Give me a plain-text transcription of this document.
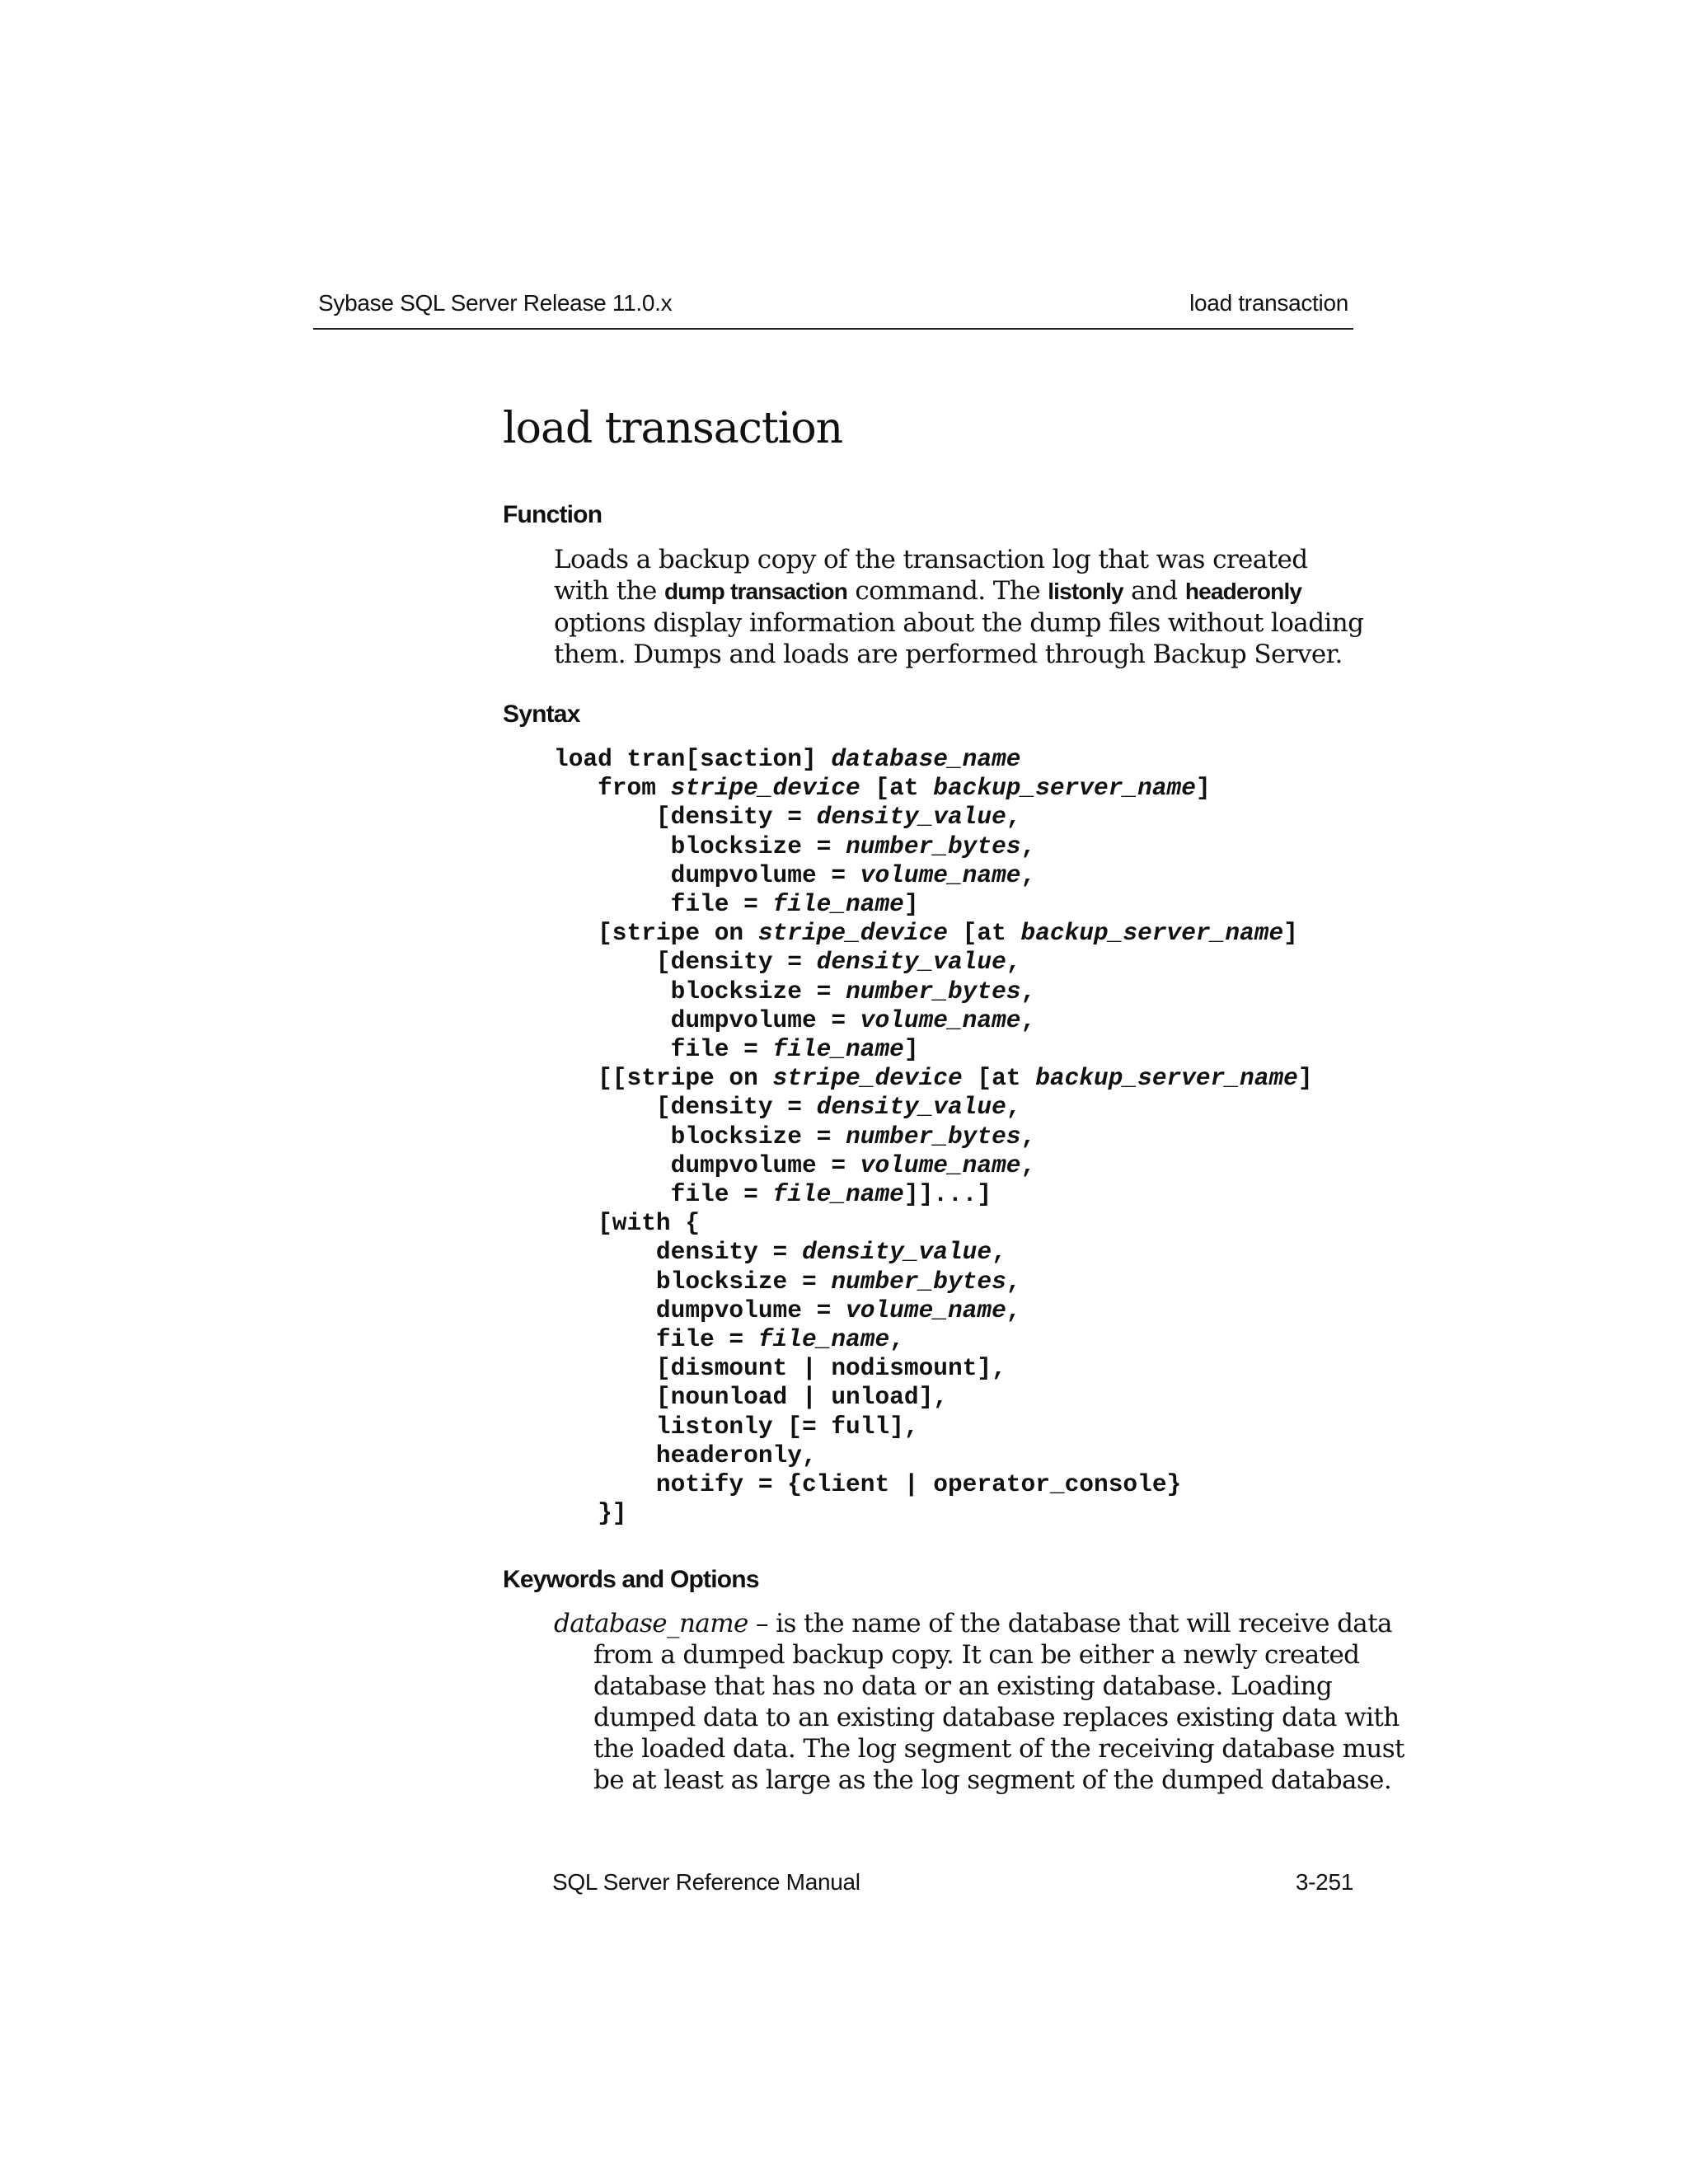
Sybase SQL Server Release 11.0.x	load transaction
load transaction
Function

Loads a backup copy of the transaction log that was created with the dump transaction command. The listonly and headeronly options display information about the dump files without loading them. Dumps and loads are performed through Backup Server.

Syntax
load tran[saction] database_name
from stripe_device [at backup_server_name]
[density = density_value,
blocksize = number_bytes,
dumpvolume = volume_name,
file = file_name]
[stripe on stripe_device [at backup_server_name]
[density = density_value,
blocksize = number_bytes,
dumpvolume = volume_name,
file = file_name]
[[stripe on stripe_device [at backup_server_name]
[density = density_value,
blocksize = number_bytes,
dumpvolume = volume_name,
file = file_name]]...]
[with {
density = density_value,
blocksize = number_bytes,
dumpvolume = volume_name,
file = file_name,
[dismount | nodismount],
[nounload | unload],
listonly [= full],
headeronly,
notify = {client | operator_console}
}]
Keywords and Options

database_name – is the name of the database that will receive data from a dumped backup copy. It can be either a newly created database that has no data or an existing database. Loading dumped data to an existing database replaces existing data with the loaded data. The log segment of the receiving database must be at least as large as the log segment of the dumped database.

SQL Server Reference Manual	3-251
